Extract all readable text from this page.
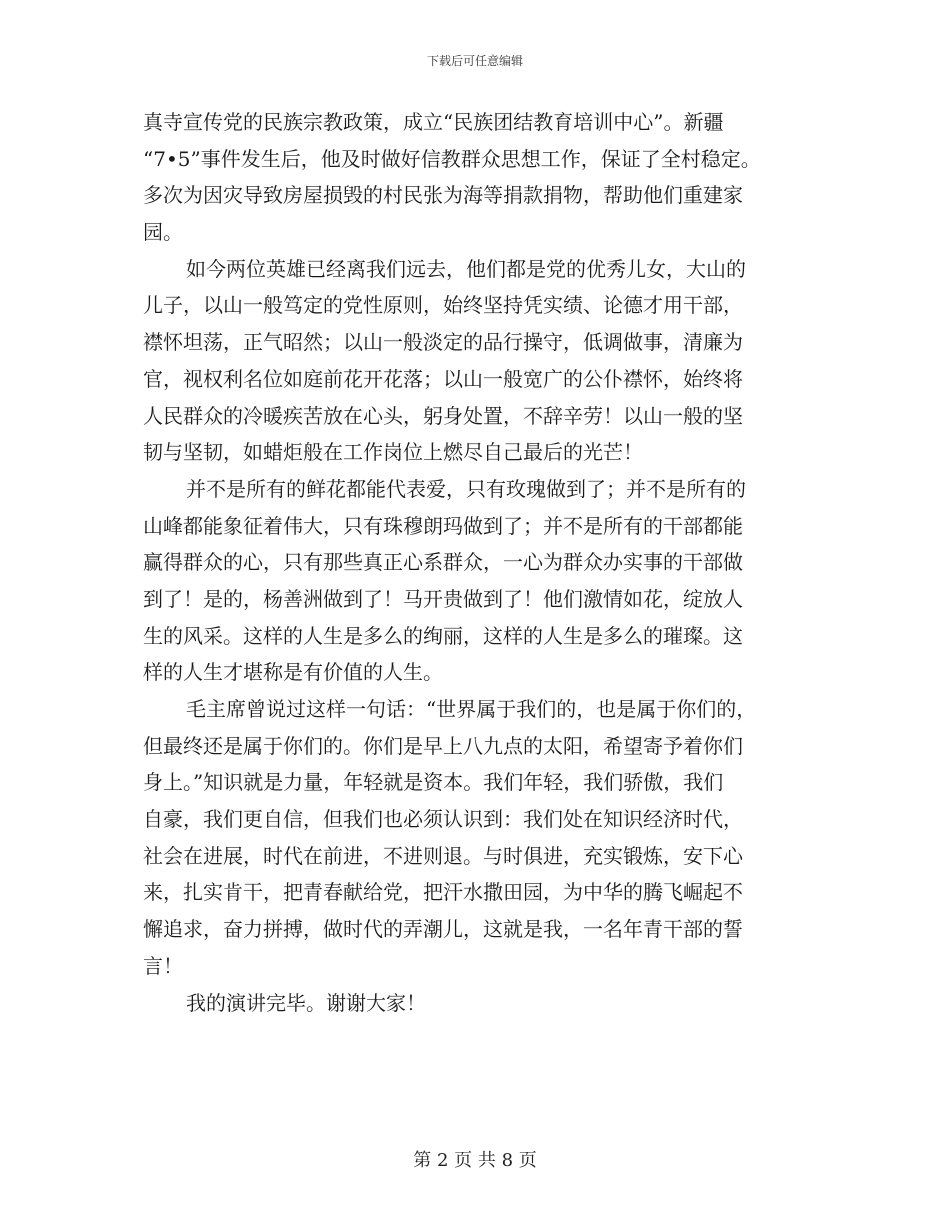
下载后可任意编辑
真寺宣传党的民族宗教政策，成立“民族团结教育培训中心”。新疆
“7•5”事件发生后，他及时做好信教群众思想工作，保证了全村稳定。
多次为因灾导致房屋损毁的村民张为海等捐款捐物，帮助他们重建家
园。
如今两位英雄已经离我们远去，他们都是党的优秀儿女，大山的
儿子，以山一般笃定的党性原则，始终坚持凭实绩、论德才用干部，
襟怀坦荡，正气昭然；以山一般淡定的品行操守，低调做事，清廉为
官，视权利名位如庭前花开花落；以山一般宽广的公仆襟怀，始终将
人民群众的冷暖疾苦放在心头，躬身处置，不辞辛劳！以山一般的坚
韧与坚韧，如蜡炬般在工作岗位上燃尽自己最后的光芒！
并不是所有的鲜花都能代表爱，只有玫瑰做到了；并不是所有的
山峰都能象征着伟大，只有珠穆朗玛做到了；并不是所有的干部都能
赢得群众的心，只有那些真正心系群众，一心为群众办实事的干部做
到了！是的，杨善洲做到了！马开贵做到了！他们激情如花，绽放人
生的风采。这样的人生是多么的绚丽，这样的人生是多么的璀璨。这
样的人生才堪称是有价值的人生。
毛主席曾说过这样一句话：“世界属于我们的，也是属于你们的，
但最终还是属于你们的。你们是早上八九点的太阳，希望寄予着你们
身上。”知识就是力量，年轻就是资本。我们年轻，我们骄傲，我们
自豪，我们更自信，但我们也必须认识到：我们处在知识经济时代，
社会在进展，时代在前进，不进则退。与时俱进，充实锻炼，安下心
来，扎实肯干，把青春献给党，把汗水撒田园，为中华的腾飞崛起不
懈追求，奋力拼搏，做时代的弄潮儿，这就是我，一名年青干部的誓
言！
我的演讲完毕。谢谢大家！
第 2 页 共 8 页
